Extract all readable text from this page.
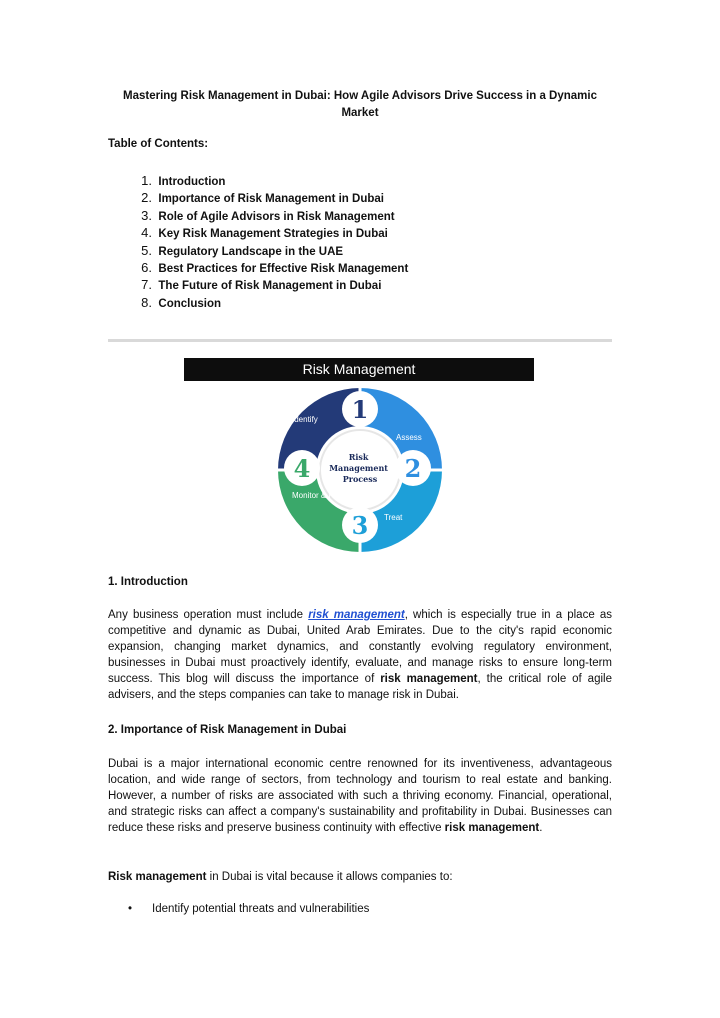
Mastering Risk Management in Dubai: How Agile Advisors Drive Success in a Dynamic Market
Table of Contents:
1. Introduction
2. Importance of Risk Management in Dubai
3. Role of Agile Advisors in Risk Management
4. Key Risk Management Strategies in Dubai
5. Regulatory Landscape in the UAE
6. Best Practices for Effective Risk Management
7. The Future of Risk Management in Dubai
8. Conclusion
Risk Management
Risk Management Process
1
2
3
4
Identify
Assess
Treat
Monitor & Report
1. Introduction

Any business operation must include risk management, which is especially true in a place as competitive and dynamic as Dubai, United Arab Emirates. Due to the city's rapid economic expansion, changing market dynamics, and constantly evolving regulatory environment, businesses in Dubai must proactively identify, evaluate, and manage risks to ensure long-term success. This blog will discuss the importance of risk management, the critical role of agile advisers, and the steps companies can take to manage risk in Dubai.

2. Importance of Risk Management in Dubai

Dubai is a major international economic centre renowned for its inventiveness, advantageous location, and wide range of sectors, from technology and tourism to real estate and banking. However, a number of risks are associated with such a thriving economy. Financial, operational, and strategic risks can affect a company's sustainability and profitability in Dubai. Businesses can reduce these risks and preserve business continuity with effective risk management.

Risk management in Dubai is vital because it allows companies to:

• Identify potential threats and vulnerabilities
